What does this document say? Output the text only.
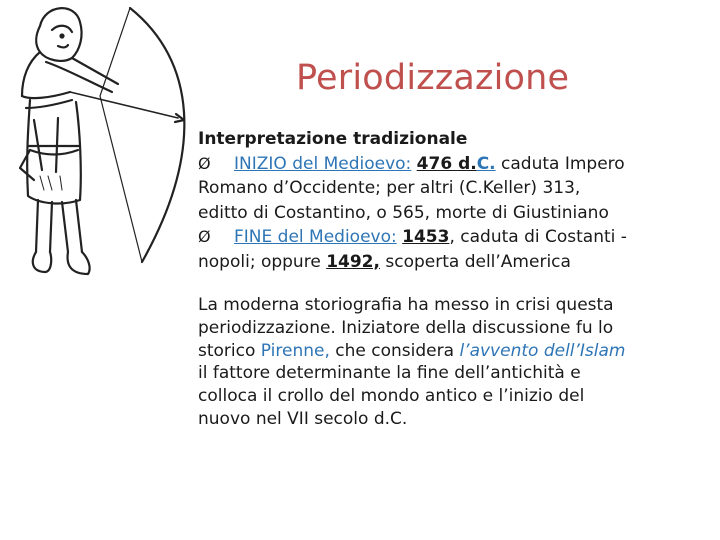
Periodizzazione
Interpretazione tradizionale
Ø INIZIO del Medioevo: 476 d.C. caduta Impero
Romano d’Occidente; per altri (C.Keller) 313,
editto di Costantino, o 565, morte di Giustiniano
Ø FINE del Medioevo: 1453, caduta di Costanti -
nopoli; oppure 1492, scoperta dell’America
La moderna storiografia ha messo in crisi questa
periodizzazione. Iniziatore della discussione fu lo
storico Pirenne, che considera l’avvento dell’Islam
il fattore determinante la fine dell’antichità e
colloca il crollo del mondo antico e l’inizio del
nuovo nel VII secolo d.C.
